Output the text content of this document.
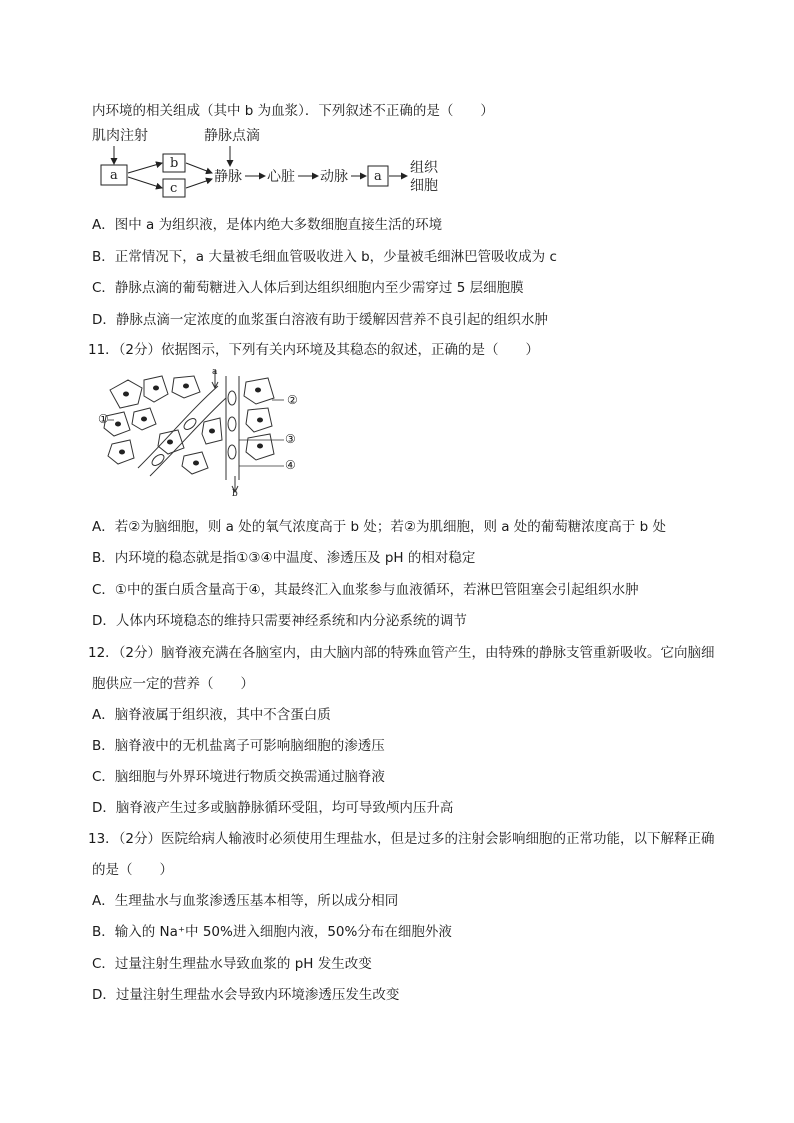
内环境的相关组成（其中 b 为血浆）．下列叙述不正确的是（　　）
肌肉注射	静脉点滴
a
b
c
静脉 心脏 动脉 a
组织
细胞
A．图中 a 为组织液，是体内绝大多数细胞直接生活的环境
B．正常情况下，a 大量被毛细血管吸收进入 b，少量被毛细淋巴管吸收成为 c
C．静脉点滴的葡萄糖进入人体后到达组织细胞内至少需穿过 5 层细胞膜
D．静脉点滴一定浓度的血浆蛋白溶液有助于缓解因营养不良引起的组织水肿
11．（2分）依据图示，下列有关内环境及其稳态的叙述，正确的是（　　）
a
b
①
②
③
④
A．若②为脑细胞，则 a 处的氧气浓度高于 b 处；若②为肌细胞，则 a 处的葡萄糖浓度高于 b 处
B．内环境的稳态就是指①③④中温度、渗透压及 pH 的相对稳定
C．①中的蛋白质含量高于④，其最终汇入血浆参与血液循环，若淋巴管阻塞会引起组织水肿
D．人体内环境稳态的维持只需要神经系统和内分泌系统的调节
12．（2分）脑脊液充满在各脑室内，由大脑内部的特殊血管产生，由特殊的静脉支管重新吸收。它向脑细
胞供应一定的营养（　　）
A．脑脊液属于组织液，其中不含蛋白质
B．脑脊液中的无机盐离子可影响脑细胞的渗透压
C．脑细胞与外界环境进行物质交换需通过脑脊液
D．脑脊液产生过多或脑静脉循环受阻，均可导致颅内压升高
13．（2分）医院给病人输液时必须使用生理盐水，但是过多的注射会影响细胞的正常功能，以下解释正确
的是（　　）
A．生理盐水与血浆渗透压基本相等，所以成分相同
B．输入的 Na⁺中 50%进入细胞内液，50%分布在细胞外液
C．过量注射生理盐水导致血浆的 pH 发生改变
D．过量注射生理盐水会导致内环境渗透压发生改变
